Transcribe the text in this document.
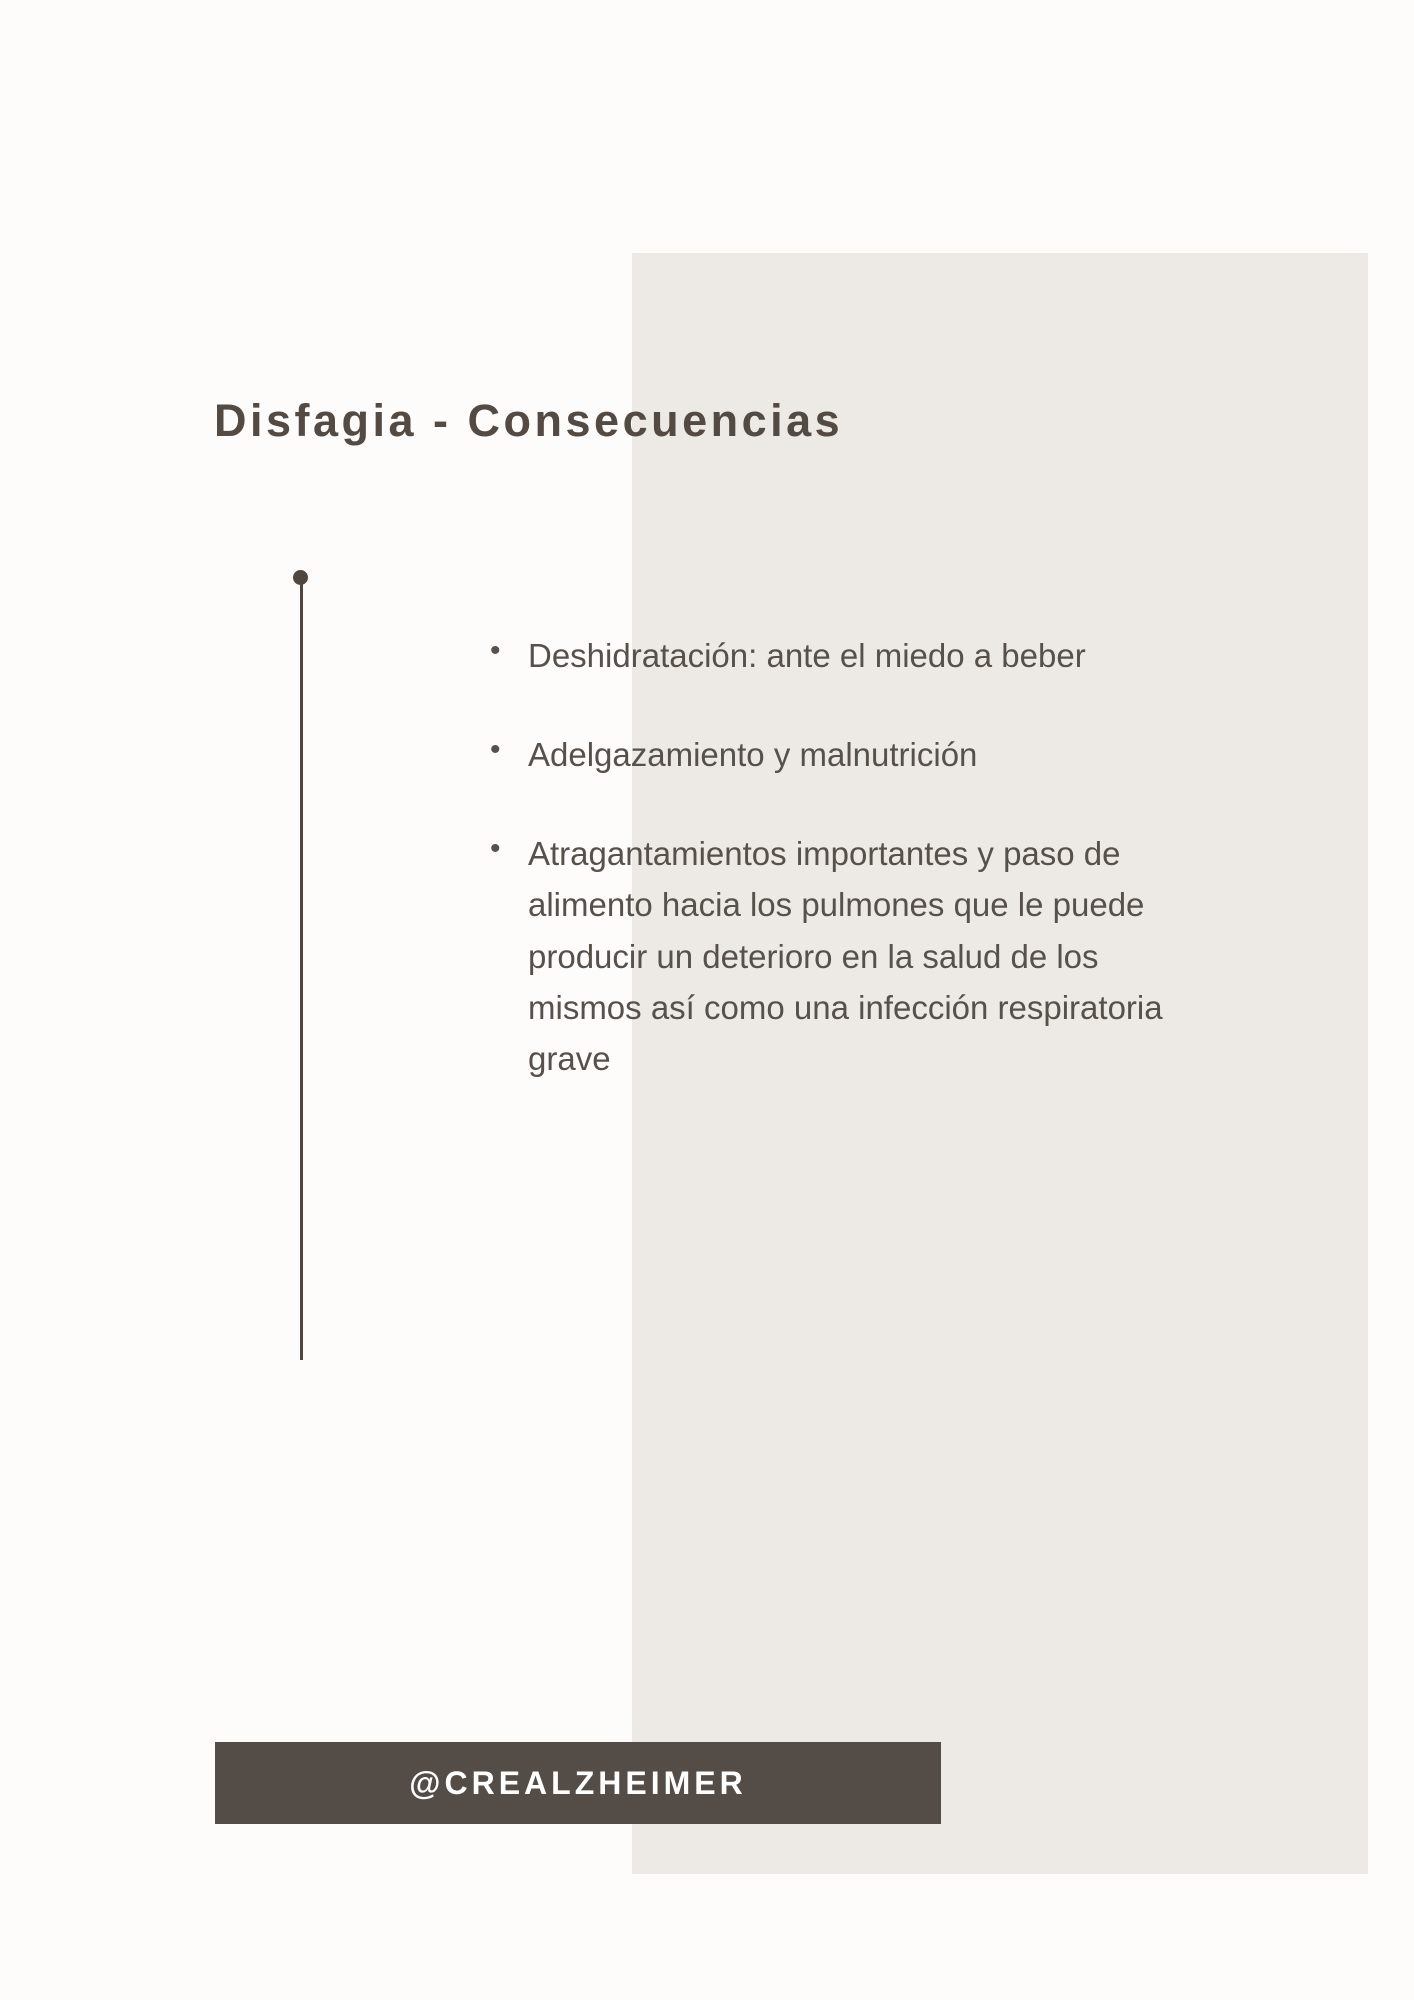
Disfagia - Consecuencias
• Deshidratación: ante el miedo a beber
• Adelgazamiento y malnutrición
• Atragantamientos importantes y paso de alimento hacia los pulmones que le puede producir un deterioro en la salud de los mismos así como una infección respiratoria grave
@CREALZHEIMER
